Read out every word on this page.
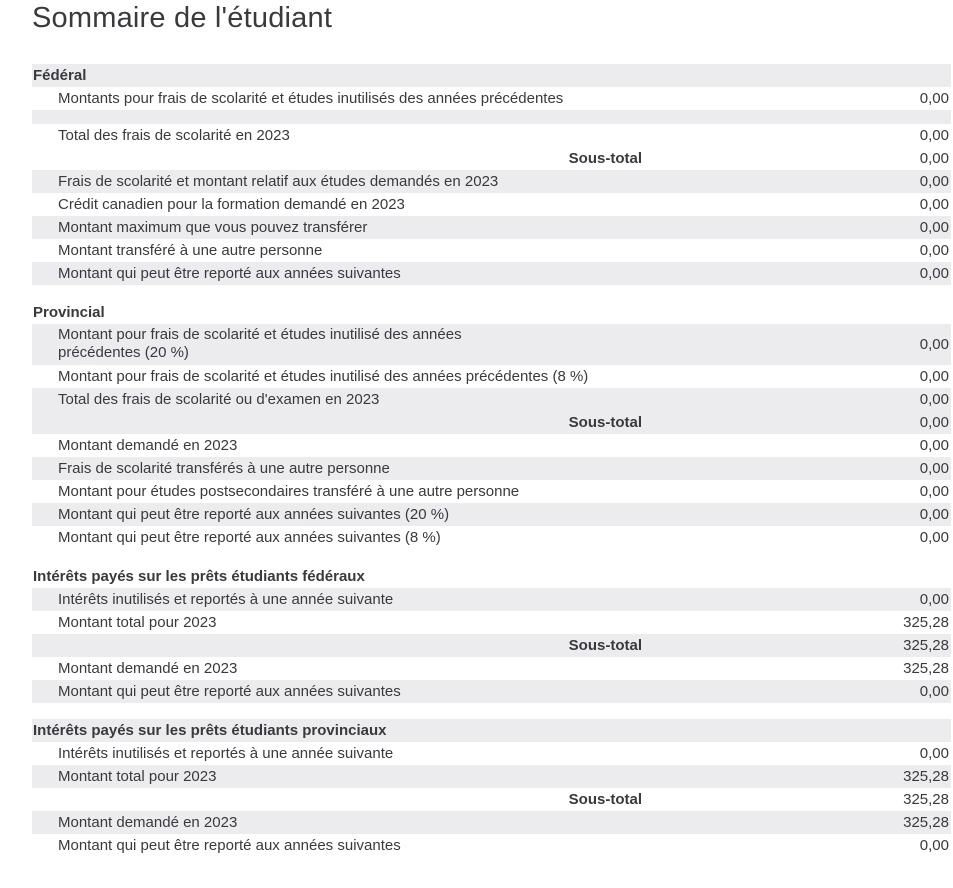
Sommaire de l'étudiant
Fédéral
Montants pour frais de scolarité et études inutilisés des années précédentes	0,00
Total des frais de scolarité en 2023	0,00
Sous-total	0,00
Frais de scolarité et montant relatif aux études demandés en 2023	0,00
Crédit canadien pour la formation demandé en 2023	0,00
Montant maximum que vous pouvez transférer	0,00
Montant transféré à une autre personne	0,00
Montant qui peut être reporté aux années suivantes	0,00
Provincial
Montant pour frais de scolarité et études inutilisé des années précédentes (20 %)	0,00
Montant pour frais de scolarité et études inutilisé des années précédentes (8 %)	0,00
Total des frais de scolarité ou d'examen en 2023	0,00
Sous-total	0,00
Montant demandé en 2023	0,00
Frais de scolarité transférés à une autre personne	0,00
Montant pour études postsecondaires transféré à une autre personne	0,00
Montant qui peut être reporté aux années suivantes (20 %)	0,00
Montant qui peut être reporté aux années suivantes (8 %)	0,00
Intérêts payés sur les prêts étudiants fédéraux
Intérêts inutilisés et reportés à une année suivante	0,00
Montant total pour 2023	325,28
Sous-total	325,28
Montant demandé en 2023	325,28
Montant qui peut être reporté aux années suivantes	0,00
Intérêts payés sur les prêts étudiants provinciaux
Intérêts inutilisés et reportés à une année suivante	0,00
Montant total pour 2023	325,28
Sous-total	325,28
Montant demandé en 2023	325,28
Montant qui peut être reporté aux années suivantes	0,00
